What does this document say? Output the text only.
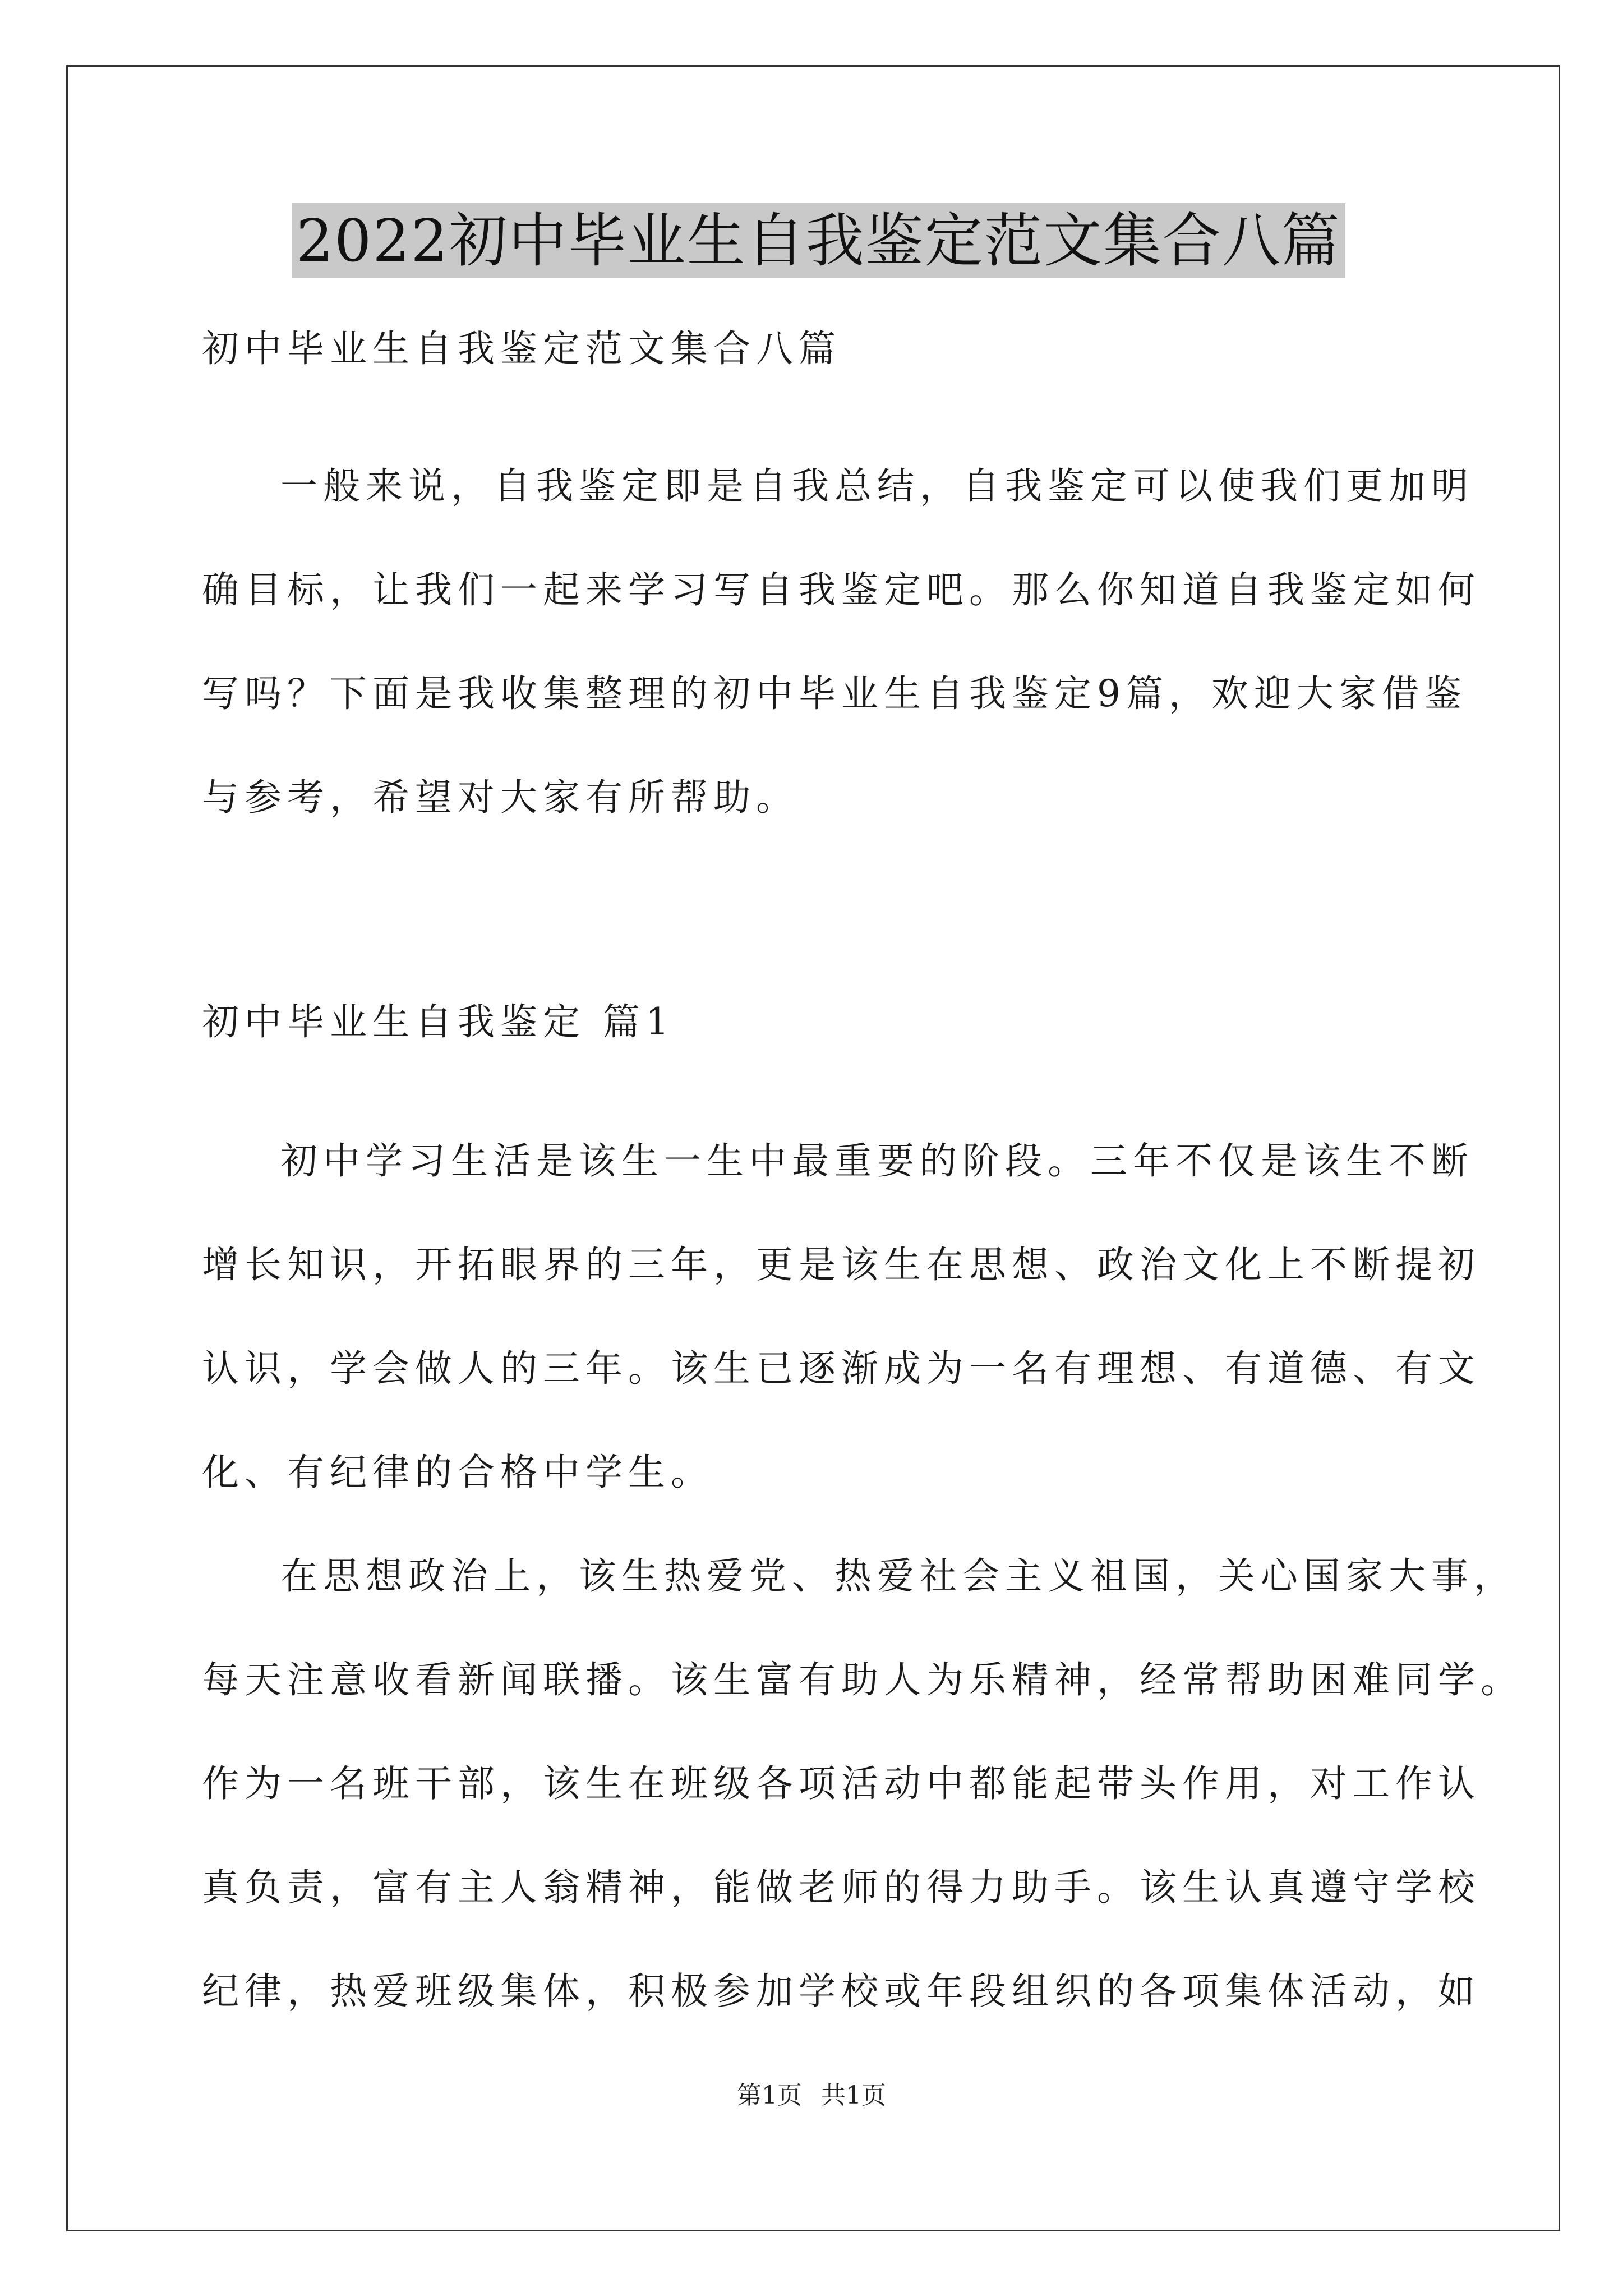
2022初中毕业生自我鉴定范文集合八篇
初中毕业生自我鉴定范文集合八篇
一般来说，自我鉴定即是自我总结，自我鉴定可以使我们更加明
确目标，让我们一起来学习写自我鉴定吧。那么你知道自我鉴定如何
写吗？下面是我收集整理的初中毕业生自我鉴定9篇，欢迎大家借鉴
与参考，希望对大家有所帮助。
初中毕业生自我鉴定 篇1
初中学习生活是该生一生中最重要的阶段。三年不仅是该生不断
增长知识，开拓眼界的三年，更是该生在思想、政治文化上不断提初
认识，学会做人的三年。该生已逐渐成为一名有理想、有道德、有文
化、有纪律的合格中学生。
在思想政治上，该生热爱党、热爱社会主义祖国，关心国家大事，
每天注意收看新闻联播。该生富有助人为乐精神，经常帮助困难同学。
作为一名班干部，该生在班级各项活动中都能起带头作用，对工作认
真负责，富有主人翁精神，能做老师的得力助手。该生认真遵守学校
纪律，热爱班级集体，积极参加学校或年段组织的各项集体活动，如
第1页 共1页
